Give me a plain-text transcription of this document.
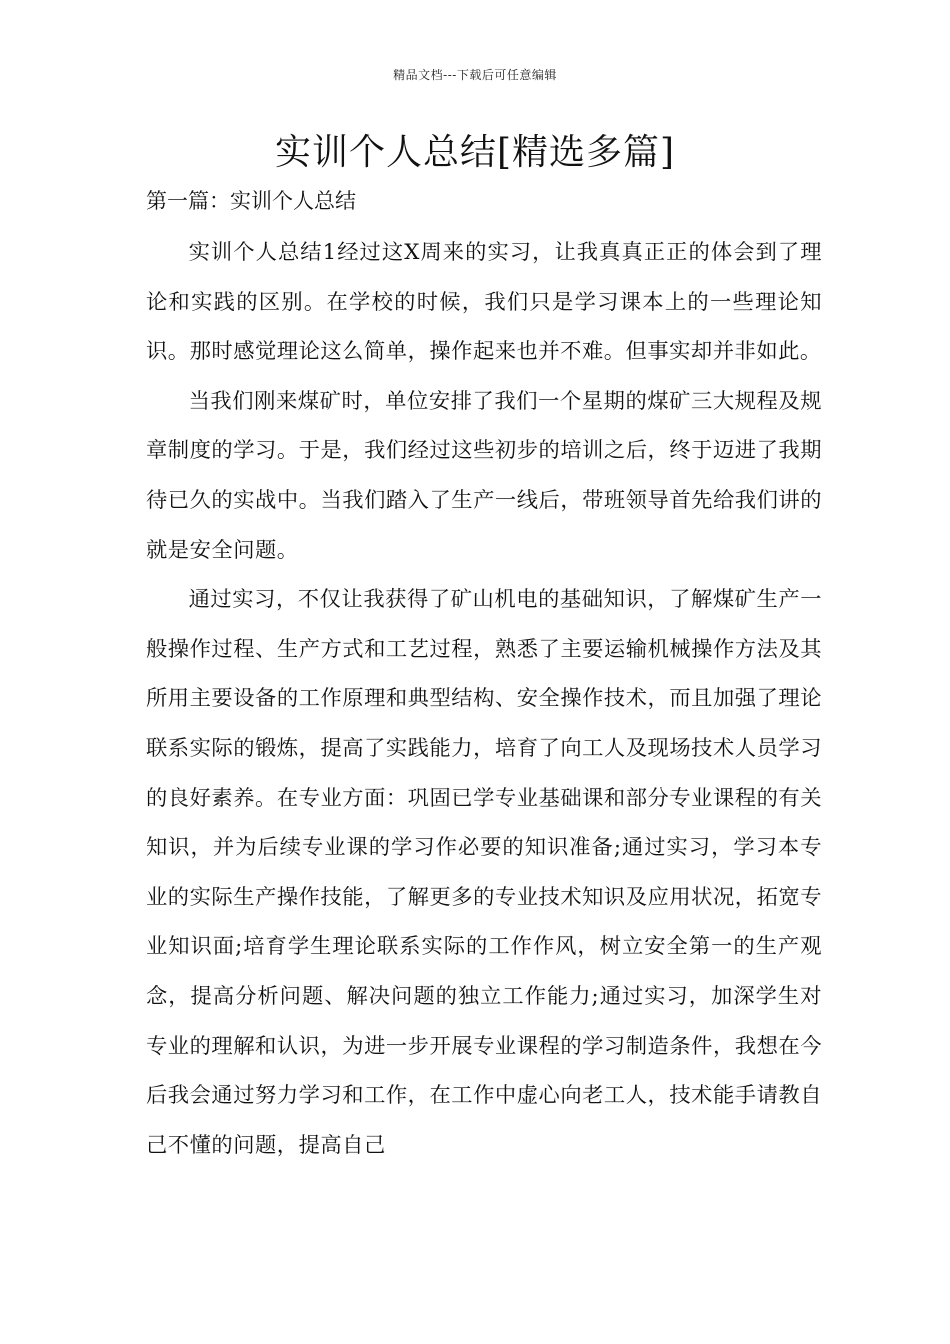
精品文档---下载后可任意编辑
实训个人总结[精选多篇]
第一篇：实训个人总结

实训个人总结1经过这X周来的实习，让我真真正正的体会到了理论和实践的区别。在学校的时候，我们只是学习课本上的一些理论知识。那时感觉理论这么简单，操作起来也并不难。但事实却并非如此。

当我们刚来煤矿时，单位安排了我们一个星期的煤矿三大规程及规章制度的学习。于是，我们经过这些初步的培训之后，终于迈进了我期待已久的实战中。当我们踏入了生产一线后，带班领导首先给我们讲的就是安全问题。

通过实习，不仅让我获得了矿山机电的基础知识，了解煤矿生产一般操作过程、生产方式和工艺过程，熟悉了主要运输机械操作方法及其所用主要设备的工作原理和典型结构、安全操作技术，而且加强了理论联系实际的锻炼，提高了实践能力，培育了向工人及现场技术人员学习的良好素养。在专业方面：巩固已学专业基础课和部分专业课程的有关知识，并为后续专业课的学习作必要的知识准备;通过实习，学习本专业的实际生产操作技能，了解更多的专业技术知识及应用状况，拓宽专业知识面;培育学生理论联系实际的工作作风，树立安全第一的生产观念，提高分析问题、解决问题的独立工作能力;通过实习，加深学生对专业的理解和认识，为进一步开展专业课程的学习制造条件，我想在今后我会通过努力学习和工作，在工作中虚心向老工人，技术能手请教自己不懂的问题，提高自己
